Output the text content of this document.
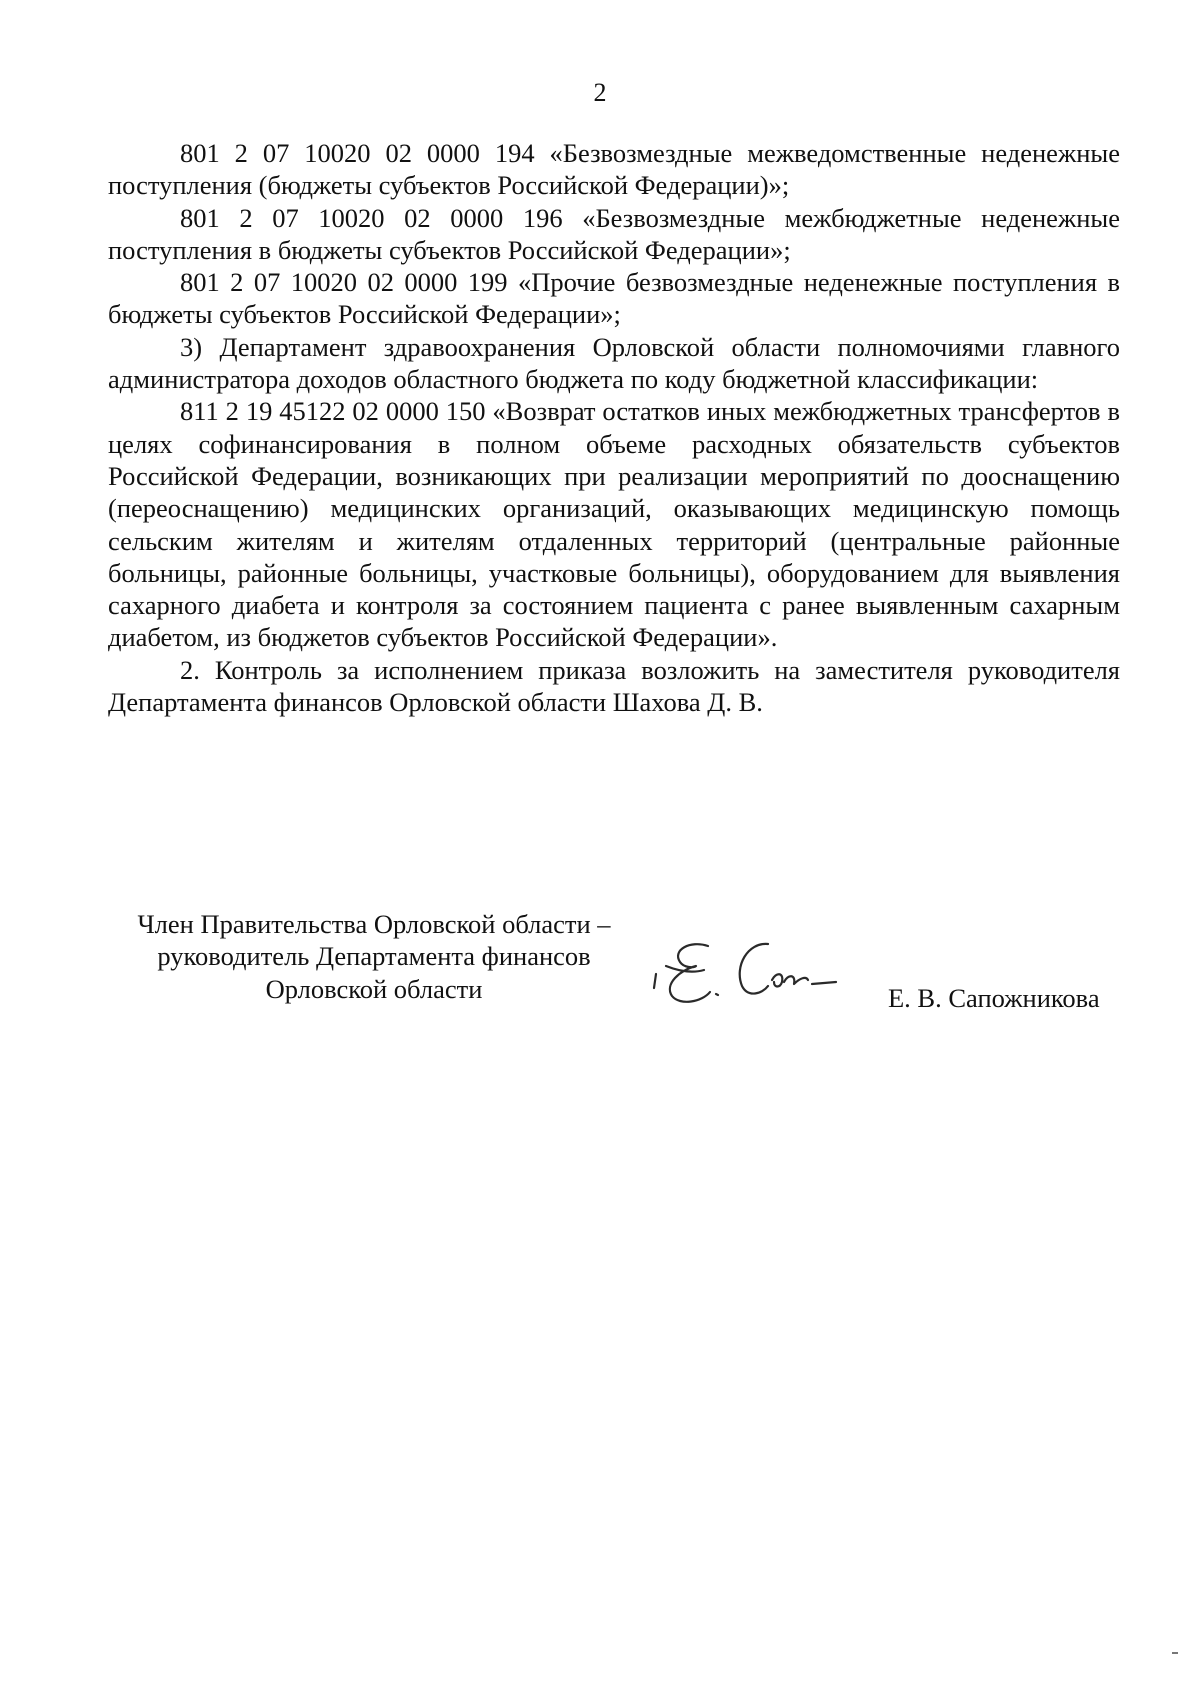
2

801 2 07 10020 02 0000 194 «Безвозмездные межведомственные неденежные поступления (бюджеты субъектов Российской Федерации)»;

801 2 07 10020 02 0000 196 «Безвозмездные межбюджетные неденежные поступления в бюджеты субъектов Российской Федерации»;

801 2 07 10020 02 0000 199 «Прочие безвозмездные неденежные поступления в бюджеты субъектов Российской Федерации»;

3) Департамент здравоохранения Орловской области полномочиями главного администратора доходов областного бюджета по коду бюджетной классификации:

811 2 19 45122 02 0000 150 «Возврат остатков иных межбюджетных трансфертов в целях софинансирования в полном объеме расходных обязательств субъектов Российской Федерации, возникающих при реализации мероприятий по дооснащению (переоснащению) медицинских организаций, оказывающих медицинскую помощь сельским жителям и жителям отдаленных территорий (центральные районные больницы, районные больницы, участковые больницы), оборудованием для выявления сахарного диабета и контроля за состоянием пациента с ранее выявленным сахарным диабетом, из бюджетов субъектов Российской Федерации».

2. Контроль за исполнением приказа возложить на заместителя руководителя Департамента финансов Орловской области Шахова Д. В.

Член Правительства Орловской области –
руководитель Департамента финансов
Орловской области	Е. В. Сапожникова
